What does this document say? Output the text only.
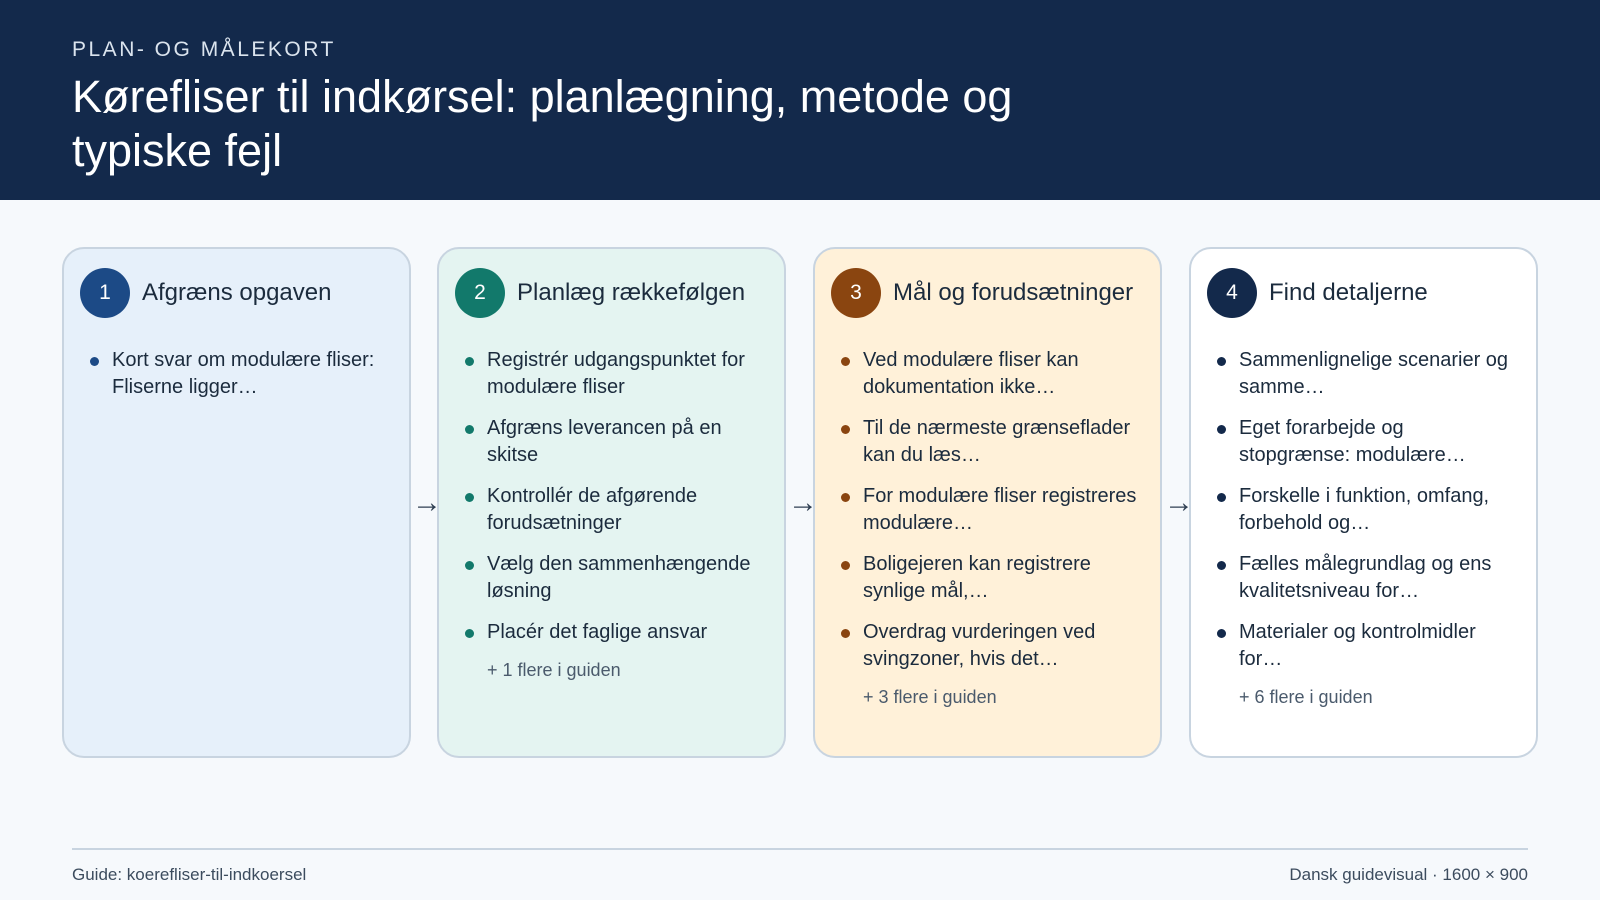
PLAN- OG MÅLEKORT
Kørefliser til indkørsel: planlægning, metode og typiske fejl
1	Afgræns opgaven
Kort svar om modulære fliser: Fliserne ligger…
2	Planlæg rækkefølgen
Registrér udgangspunktet for modulære fliser
Afgræns leverancen på en skitse
Kontrollér de afgørende forudsætninger
Vælg den sammenhængende løsning
Placér det faglige ansvar
+ 1 flere i guiden
3	Mål og forudsætninger
Ved modulære fliser kan dokumentation ikke…
Til de nærmeste grænseflader kan du læs…
For modulære fliser registreres modulære…
Boligejeren kan registrere synlige mål,…
Overdrag vurderingen ved svingzoner, hvis det…
+ 3 flere i guiden
4	Find detaljerne
Sammenlignelige scenarier og samme…
Eget forarbejde og stopgrænse: modulære…
Forskelle i funktion, omfang, forbehold og…
Fælles målegrundlag og ens kvalitetsniveau for…
Materialer og kontrolmidler for…
+ 6 flere i guiden
→	→	→
Guide: koerefliser-til-indkoersel	Dansk guidevisual · 1600 × 900
